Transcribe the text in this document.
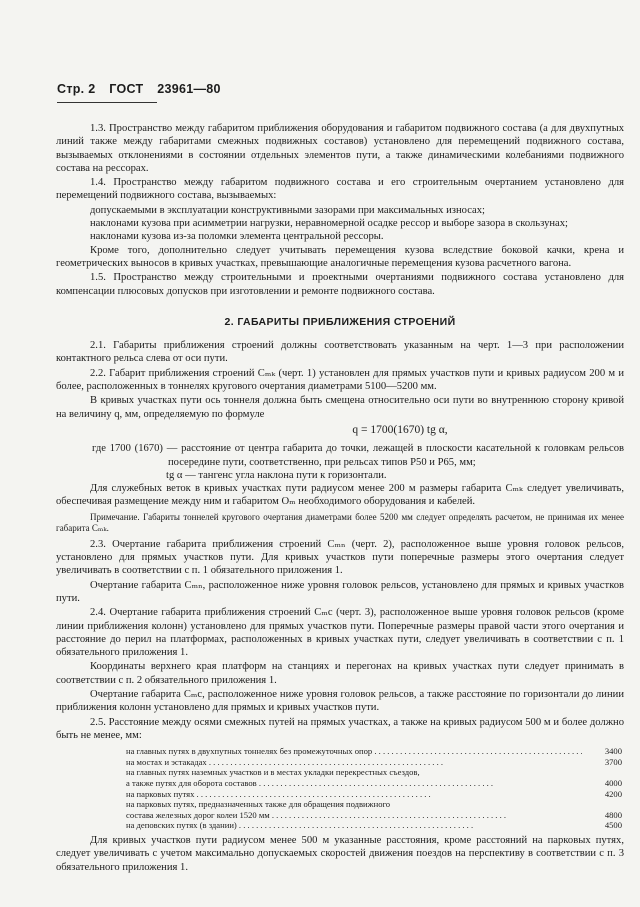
Стр. 2 ГОСТ 23961—80

1.3. Пространство между габаритом приближения оборудования и габаритом подвижного состава (а для двухпутных линий также между габаритами смежных подвижных составов) установлено для перемещений подвижного состава, вызываемых отклонениями в состоянии отдельных элементов пути, а также динамическими колебаниями подвижного состава на рессорах.

1.4. Пространство между габаритом подвижного состава и его строительным очертанием установлено для перемещений подвижного состава, вызываемых:

допускаемыми в эксплуатации конструктивными зазорами при максимальных износах;

наклонами кузова при асимметрии нагрузки, неравномерной осадке рессор и выборе зазора в скользунах;

наклонами кузова из-за поломки элемента центральной рессоры.

Кроме того, дополнительно следует учитывать перемещения кузова вследствие боковой качки, крена и геометрических выносов в кривых участках, превышающие аналогичные перемещения кузова расчетного вагона.

1.5. Пространство между строительными и проектными очертаниями подвижного состава установлено для компенсации плюсовых допусков при изготовлении и ремонте подвижного состава.

2. ГАБАРИТЫ ПРИБЛИЖЕНИЯ СТРОЕНИЙ

2.1. Габариты приближения строений должны соответствовать указанным на черт. 1—3 при расположении контактного рельса слева от оси пути.

2.2. Габарит приближения строений Сₘₖ (черт. 1) установлен для прямых участков пути и кривых радиусом 200 м и более, расположенных в тоннелях кругового очертания диаметрами 5100—5200 мм.

В кривых участках пути ось тоннеля должна быть смещена относительно оси пути во внутреннюю сторону кривой на величину q, мм, определяемую по формуле

q = 1700(1670) tg α,

где 1700 (1670) — расстояние от центра габарита до точки, лежащей в плоскости касательной к головкам рельсов посередине пути, соответственно, при рельсах типов Р50 и Р65, мм;

tg α — тангенс угла наклона пути к горизонтали.

Для служебных веток в кривых участках пути радиусом менее 200 м размеры габарита Сₘₖ следует увеличивать, обеспечивая размещение между ним и габаритом Оₘ необходимого оборудования и кабелей.

Примечание. Габариты тоннелей кругового очертания диаметрами более 5200 мм следует определять расчетом, не принимая их менее габарита Сₘₖ.

2.3. Очертание габарита приближения строений Сₘₙ (черт. 2), расположенное выше уровня головок рельсов, установлено для прямых участков пути. Для кривых участков пути поперечные размеры этого очертания следует увеличивать в соответствии с п. 1 обязательного приложения 1.

Очертание габарита Сₘₙ, расположенное ниже уровня головок рельсов, установлено для прямых и кривых участков пути.

2.4. Очертание габарита приближения строений Сₘс (черт. 3), расположенное выше уровня головок рельсов (кроме линии приближения колонн) установлено для прямых участков пути. Поперечные размеры правой части этого очертания и расстояние до перил на платформах, расположенных в кривых участках пути, следует увеличивать в соответствии с п. 1 обязательного приложения 1.

Координаты верхнего края платформ на станциях и перегонах на кривых участках пути следует принимать в соответствии с п. 2 обязательного приложения 1.

Очертание габарита Сₘс, расположенное ниже уровня головок рельсов, а также расстояние по горизонтали до линии приближения колонн установлено для прямых и кривых участков пути.

2.5. Расстояние между осями смежных путей на прямых участках, а также на кривых радиусом 500 м и более должно быть не менее, мм:

на главных путях в двухпутных тоннелях без промежуточных опор . . .	3400
на мостах и эстакадах . . .	3700
на главных путях наземных участков и в местах укладки перекрестных съездов,
а также путях для оборота составов . . .	4000
на парковых путях . . .	4200
на парковых путях, предназначенных также для обращения подвижного
состава железных дорог колеи 1520 мм . . .	4800
на деповских путях (в здании) . . .	4500

Для кривых участков пути радиусом менее 500 м указанные расстояния, кроме расстояний на парковых путях, следует увеличивать с учетом максимально допускаемых скоростей движения поездов на перспективу в соответствии с п. 3 обязательного приложения 1.
